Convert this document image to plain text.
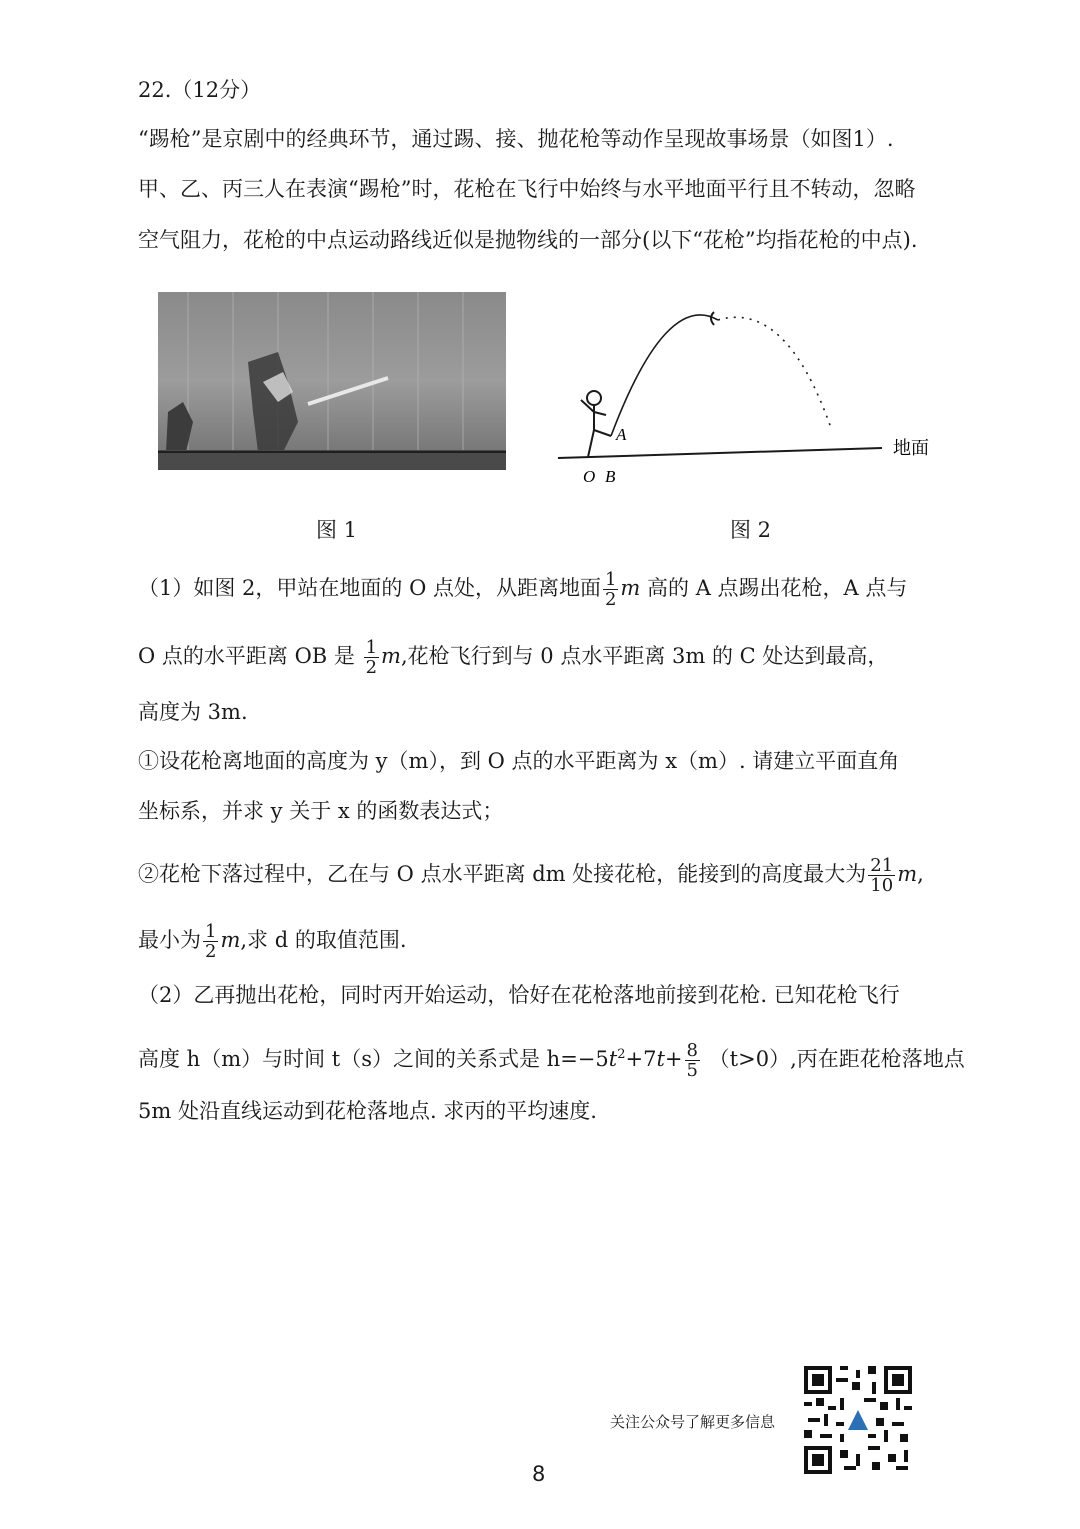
22.（12分）
“踢枪”是京剧中的经典环节，通过踢、接、抛花枪等动作呈现故事场景（如图1）.
甲、乙、丙三人在表演“踢枪”时，花枪在飞行中始终与水平地面平行且不转动，忽略
空气阻力，花枪的中点运动路线近似是抛物线的一部分(以下“花枪”均指花枪的中点).
A
O B
地面
图 1	图 2
（1）如图 2，甲站在地面的 O 点处，从距离地面 $\frac{1}{2}$ m 高的 A 点踢出花枪，A 点与
O 点的水平距离 OB 是 $\frac{1}{2} m$,花枪飞行到与 0 点水平距离 3m 的 C 处达到最高，
高度为 3m.
①设花枪离地面的高度为 y（m），到 O 点的水平距离为 x（m）. 请建立平面直角
坐标系，并求 y 关于 x 的函数表达式；
②花枪下落过程中，乙在与 O 点水平距离 dm 处接花枪，能接到的高度最大为 $\frac{21}{10} m$,
最小为 $\frac{1}{2} m$,求 d 的取值范围.
（2）乙再抛出花枪，同时丙开始运动，恰好在花枪落地前接到花枪. 已知花枪飞行
高度 h（m）与时间 t（s）之间的关系式是 $h=-5t^2+7t+ \frac{8}{5} (t>0)$,丙在距花枪落地点
5m 处沿直线运动到花枪落地点. 求丙的平均速度.
关注公众号了解更多信息
8
